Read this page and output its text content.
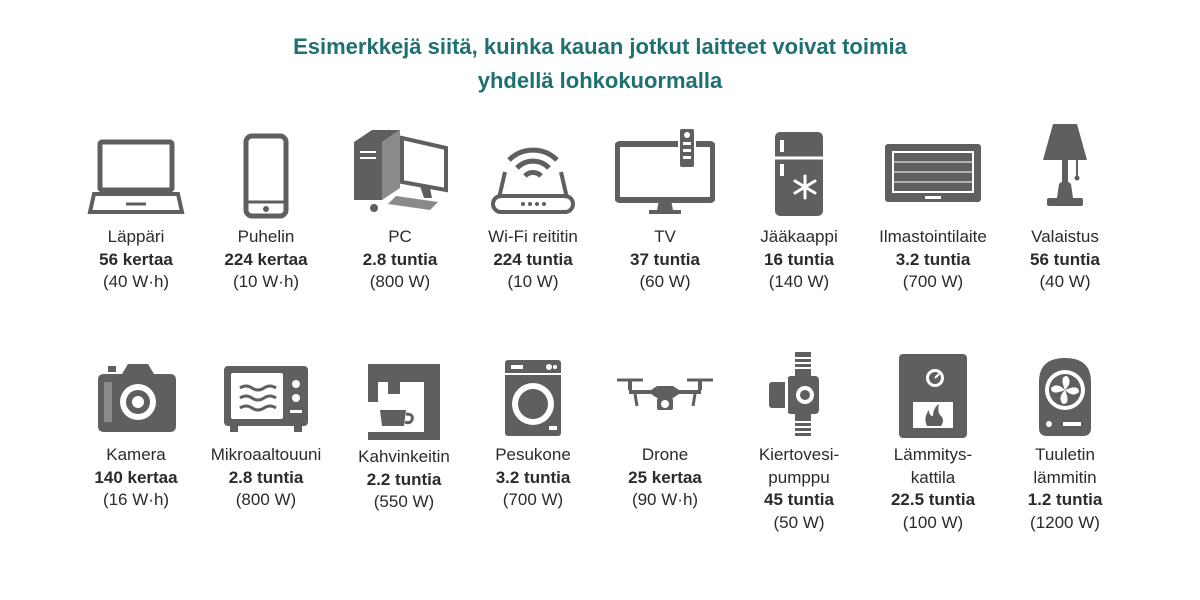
Esimerkkejä siitä, kuinka kauan jotkut laitteet voivat toimia
yhdellä lohkokuormalla
Läppäri
56 kertaa
(40 W·h)
Puhelin
224 kertaa
(10 W·h)
PC
2.8 tuntia
(800 W)
Wi-Fi reititin
224 tuntia
(10 W)
TV
37 tuntia
(60 W)
Jääkaappi
16 tuntia
(140 W)
Ilmastointilaite
3.2 tuntia
(700 W)
Valaistus
56 tuntia
(40 W)
Kamera
140 kertaa
(16 W·h)
Mikroaaltouuni
2.8 tuntia
(800 W)
Kahvinkeitin
2.2 tuntia
(550 W)
Pesukone
3.2 tuntia
(700 W)
Drone
25 kertaa
(90 W·h)
Kiertovesi-
pumppu
45 tuntia
(50 W)
Lämmitys-
kattila
22.5 tuntia
(100 W)
Tuuletin
lämmitin
1.2 tuntia
(1200 W)
